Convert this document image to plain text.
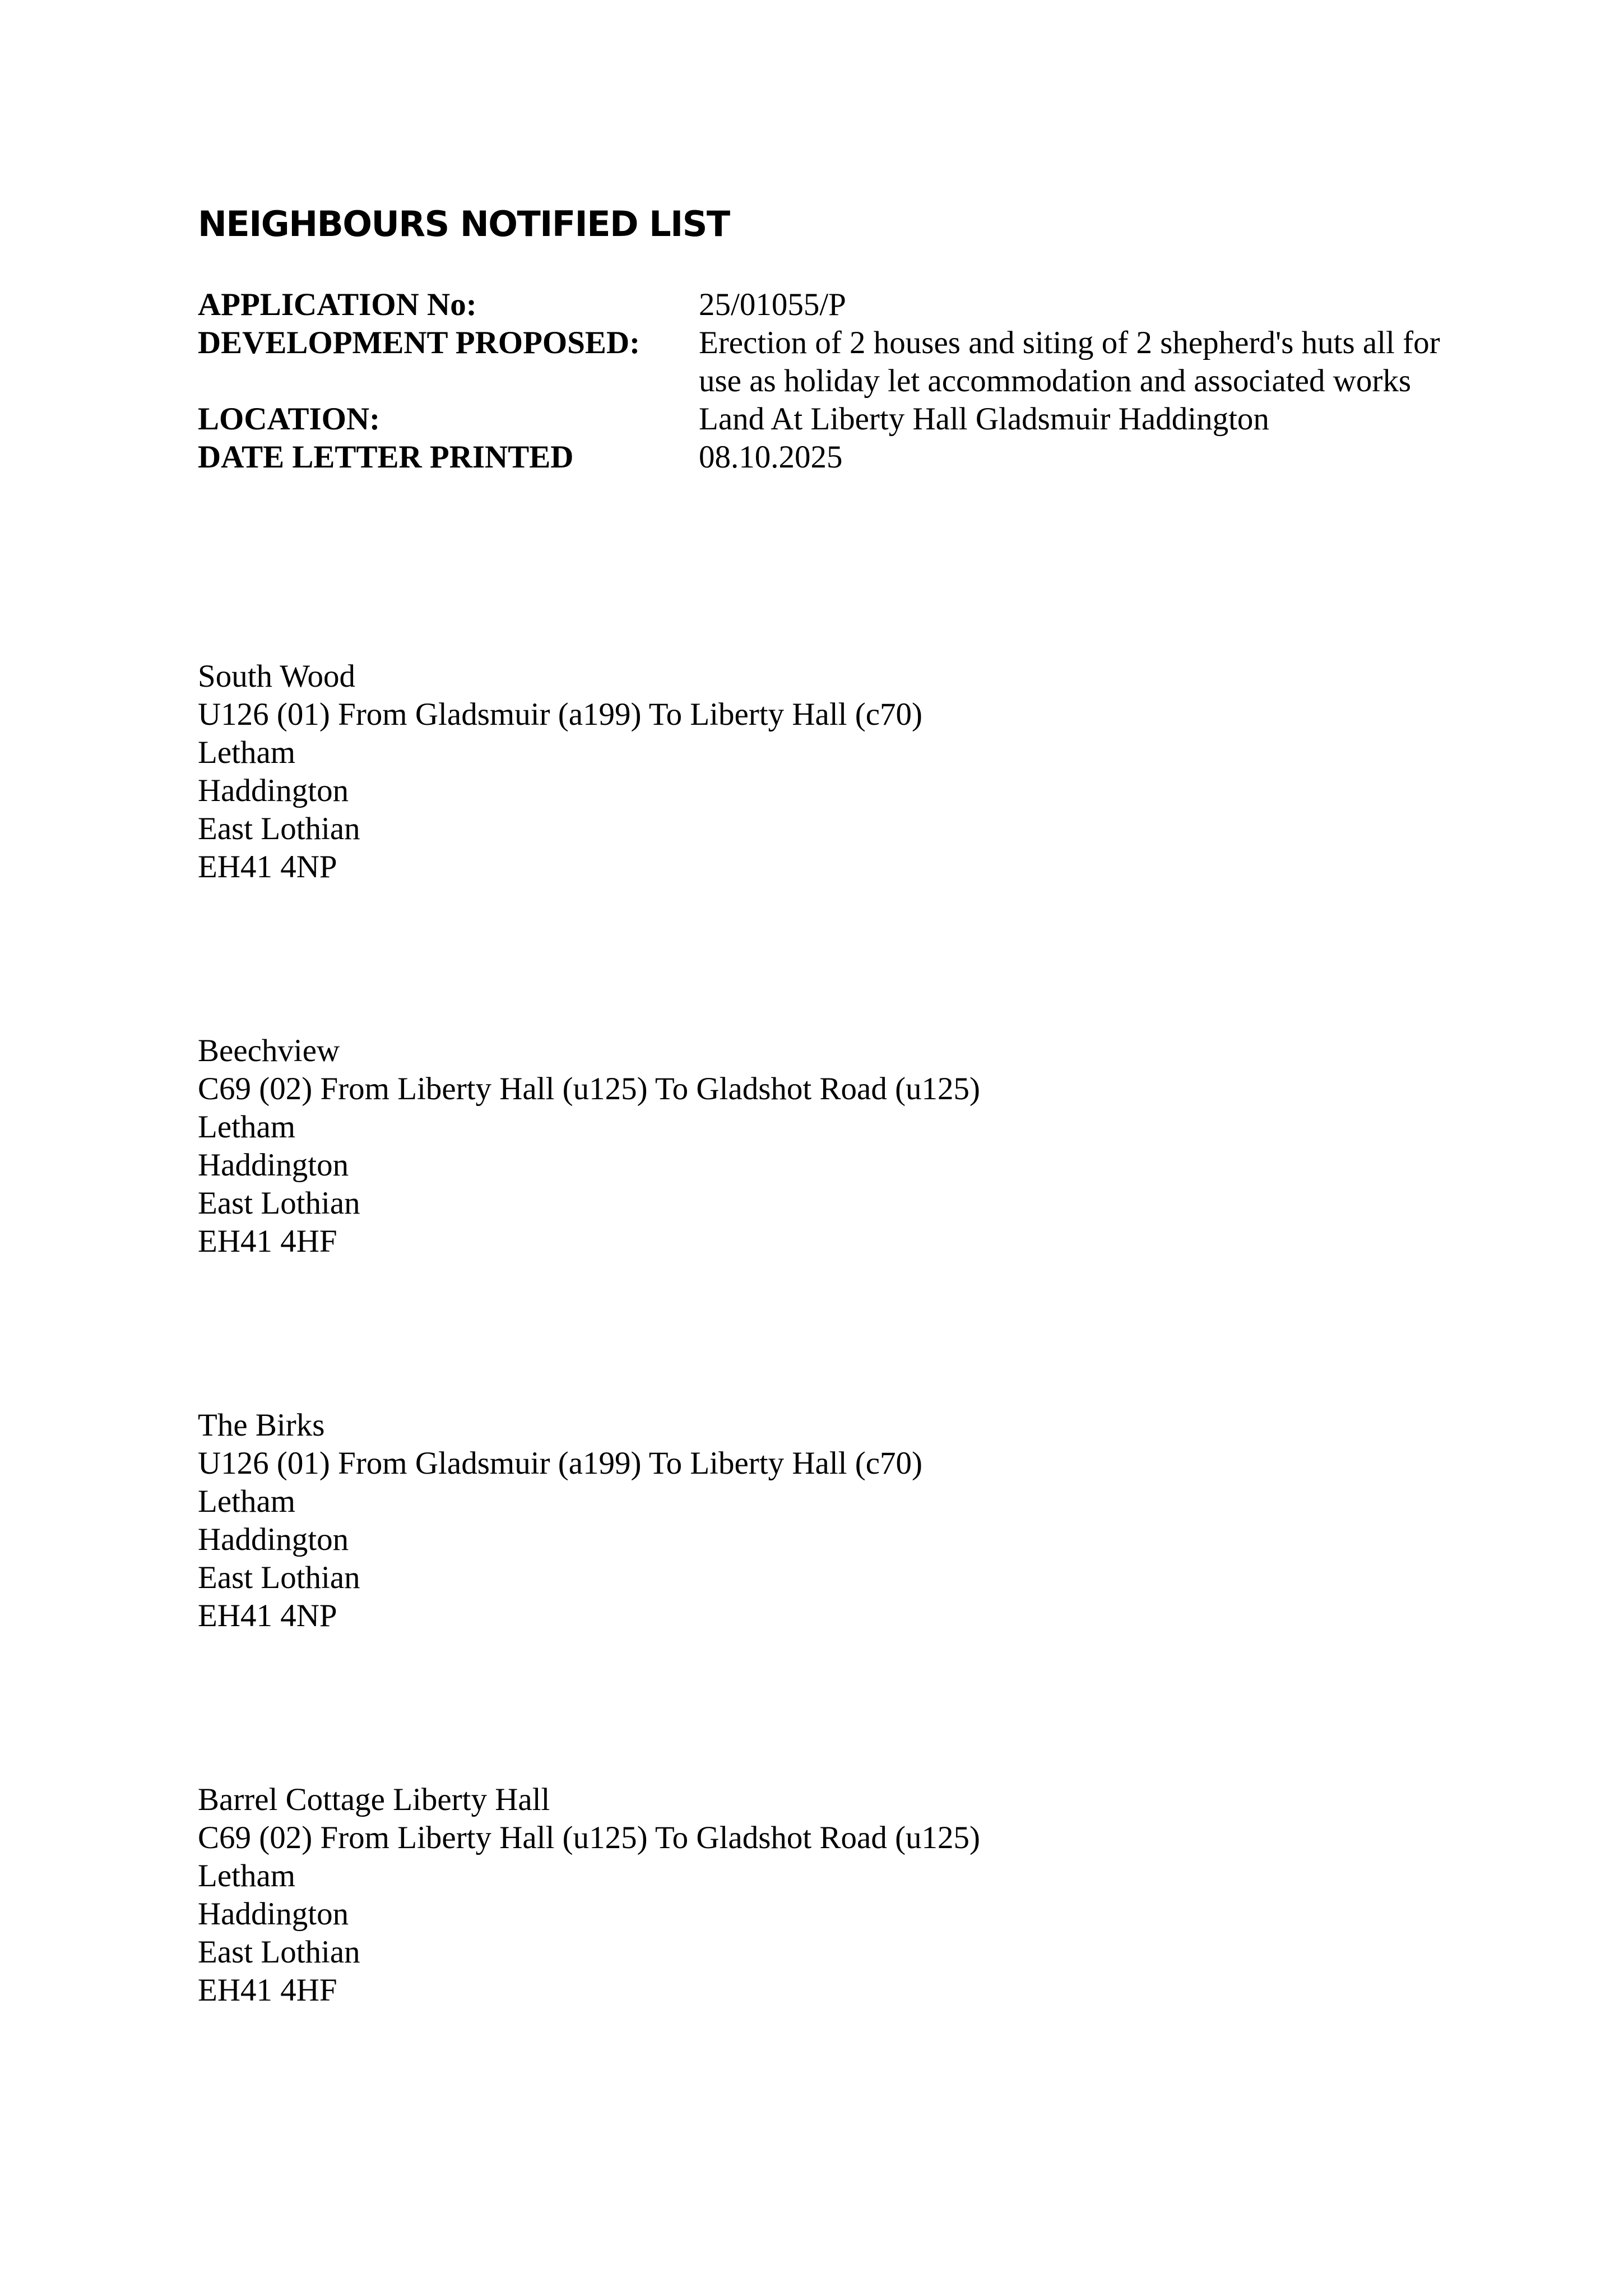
NEIGHBOURS NOTIFIED LIST
APPLICATION No:	25/01055/P
DEVELOPMENT PROPOSED:	Erection of 2 houses and siting of 2 shepherd's huts all for use as holiday let accommodation and associated works
LOCATION:	Land At Liberty Hall Gladsmuir Haddington
DATE LETTER PRINTED	08.10.2025
South Wood
U126 (01) From Gladsmuir (a199) To Liberty Hall (c70)
Letham
Haddington
East Lothian
EH41 4NP
Beechview
C69 (02) From Liberty Hall (u125) To Gladshot Road (u125)
Letham
Haddington
East Lothian
EH41 4HF
The Birks
U126 (01) From Gladsmuir (a199) To Liberty Hall (c70)
Letham
Haddington
East Lothian
EH41 4NP
Barrel Cottage Liberty Hall
C69 (02) From Liberty Hall (u125) To Gladshot Road (u125)
Letham
Haddington
East Lothian
EH41 4HF
